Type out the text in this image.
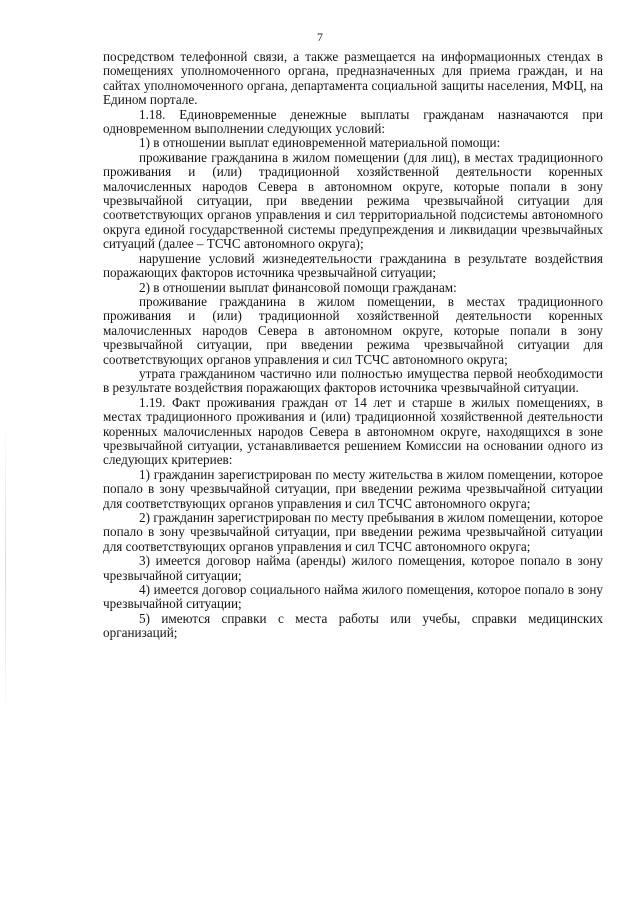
7

посредством телефонной связи, а также размещается на информационных стендах в помещениях уполномоченного органа, предназначенных для приема граждан, и на сайтах уполномоченного органа, департамента социальной защиты населения, МФЦ, на Едином портале.

1.18. Единовременные денежные выплаты гражданам назначаются при одновременном выполнении следующих условий:

1) в отношении выплат единовременной материальной помощи:

проживание гражданина в жилом помещении (для лиц), в местах традиционного проживания и (или) традиционной хозяйственной деятельности коренных малочисленных народов Севера в автономном округе, которые попали в зону чрезвычайной ситуации, при введении режима чрезвычайной ситуации для соответствующих органов управления и сил территориальной подсистемы автономного округа единой государственной системы предупреждения и ликвидации чрезвычайных ситуаций (далее – ТСЧС автономного округа);

нарушение условий жизнедеятельности гражданина в результате воздействия поражающих факторов источника чрезвычайной ситуации;

2) в отношении выплат финансовой помощи гражданам:

проживание гражданина в жилом помещении, в местах традиционного проживания и (или) традиционной хозяйственной деятельности коренных малочисленных народов Севера в автономном округе, которые попали в зону чрезвычайной ситуации, при введении режима чрезвычайной ситуации для соответствующих органов управления и сил ТСЧС автономного округа;

утрата гражданином частично или полностью имущества первой необходимости в результате воздействия поражающих факторов источника чрезвычайной ситуации.

1.19. Факт проживания граждан от 14 лет и старше в жилых помещениях, в местах традиционного проживания и (или) традиционной хозяйственной деятельности коренных малочисленных народов Севера в автономном округе, находящихся в зоне чрезвычайной ситуации, устанавливается решением Комиссии на основании одного из следующих критериев:

1) гражданин зарегистрирован по месту жительства в жилом помещении, которое попало в зону чрезвычайной ситуации, при введении режима чрезвычайной ситуации для соответствующих органов управления и сил ТСЧС автономного округа;

2) гражданин зарегистрирован по месту пребывания в жилом помещении, которое попало в зону чрезвычайной ситуации, при введении режима чрезвычайной ситуации для соответствующих органов управления и сил ТСЧС автономного округа;

3) имеется договор найма (аренды) жилого помещения, которое попало в зону чрезвычайной ситуации;

4) имеется договор социального найма жилого помещения, которое попало в зону чрезвычайной ситуации;

5) имеются справки с места работы или учебы, справки медицинских организаций;
